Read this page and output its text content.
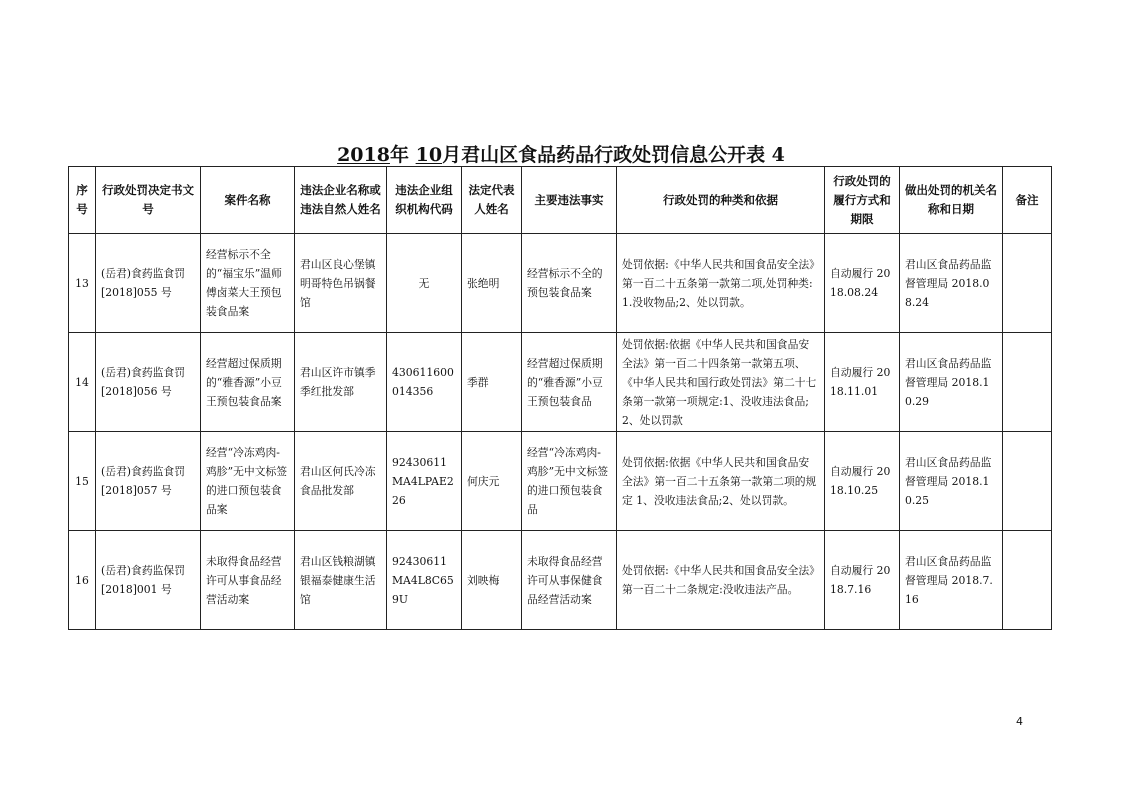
2018年 10月君山区食品药品行政处罚信息公开表 4
序号	行政处罚决定书文号	案件名称	违法企业名称或违法自然人姓名	违法企业组织机构代码	法定代表人姓名	主要违法事实	行政处罚的种类和依据	行政处罚的履行方式和期限	做出处罚的机关名称和日期	备注
13	(岳君)食药监食罚[2018]055 号	经营标示不全的“福宝乐”温师傅卤菜大王预包装食品案	君山区良心堡镇明哥特色吊锅餐馆	无	张绝明	经营标示不全的预包装食品案	处罚依据:《中华人民共和国食品安全法》第一百二十五条第一款第二项,处罚种类:1.没收物品;2、处以罚款。	自动履行 2018.08.24	君山区食品药品监督管理局 2018.08.24	
14	(岳君)食药监食罚[2018]056 号	经营超过保质期的“雅香源”小豆王预包装食品案	君山区许市镇季季红批发部	430611600014356	季群	经营超过保质期的“雅香源”小豆王预包装食品	处罚依据:依据《中华人民共和国食品安全法》第一百二十四条第一款第五项、《中华人民共和国行政处罚法》第二十七条第一款第一项规定:1、没收违法食品;2、处以罚款	自动履行 2018.11.01	君山区食品药品监督管理局 2018.10.29	
15	(岳君)食药监食罚[2018]057 号	经营“冷冻鸡肉-鸡胗”无中文标签的进口预包装食品案	君山区何氏冷冻食品批发部	92430611MA4LPAE226	何庆元	经营“冷冻鸡肉-鸡胗”无中文标签的进口预包装食品	处罚依据:依据《中华人民共和国食品安全法》第一百二十五条第一款第二项的规定 1、没收违法食品;2、处以罚款。	自动履行 2018.10.25	君山区食品药品监督管理局 2018.10.25	
16	(岳君)食药监保罚[2018]001 号	未取得食品经营许可从事食品经营活动案	君山区钱粮湖镇银福泰健康生活馆	92430611MA4L8C659U	刘映梅	未取得食品经营许可从事保健食品经营活动案	处罚依据:《中华人民共和国食品安全法》第一百二十二条规定:没收违法产品。	自动履行 2018.7.16	君山区食品药品监督管理局 2018.7.16	
4
